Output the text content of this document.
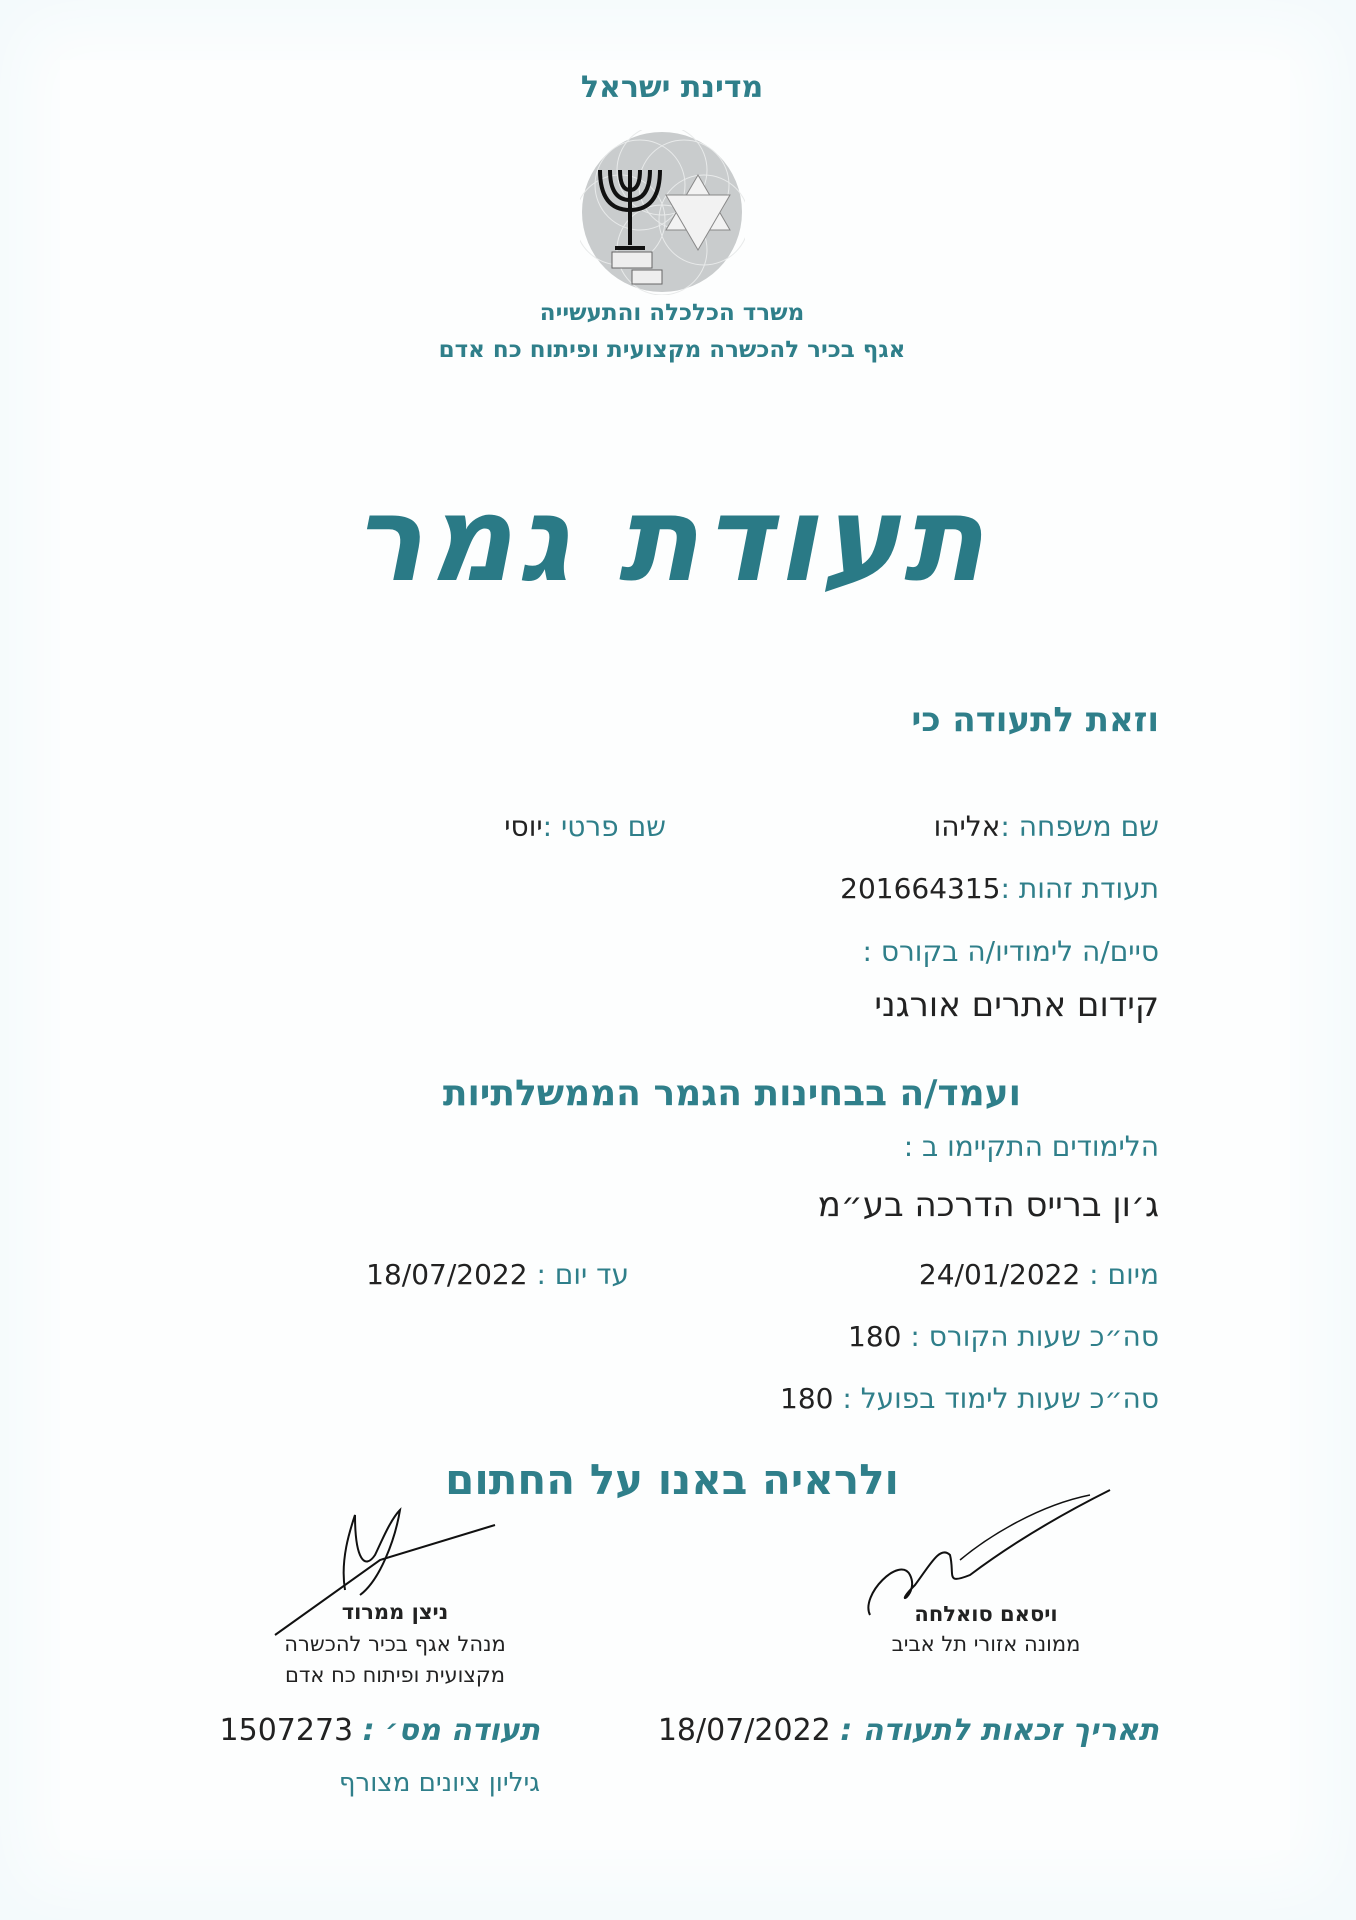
מדינת ישראל
משרד הכלכלה והתעשייה
אגף בכיר להכשרה מקצועית ופיתוח כח אדם
תעודת גמר
וזאת לתעודה כי
שם משפחה :אליהו
שם פרטי :יוסי
תעודת זהות :201664315
סיים/ה לימודיו/ה בקורס :
קידום אתרים אורגני
ועמד/ה בבחינות הגמר הממשלתיות
הלימודים התקיימו ב :
ג׳ון ברייס הדרכה בע״מ
מיום : 24/01/2022
עד יום : 18/07/2022
סה״כ שעות הקורס : 180
סה״כ שעות לימוד בפועל : 180
ולראיה באנו על החתום
ויסאם סואלחה
ממונה אזורי תל אביב
ניצן ממרוד
מנהל אגף בכיר להכשרה
מקצועית ופיתוח כח אדם
תאריך זכאות לתעודה : 18/07/2022
תעודה מס׳ : 1507273
גיליון ציונים מצורף
